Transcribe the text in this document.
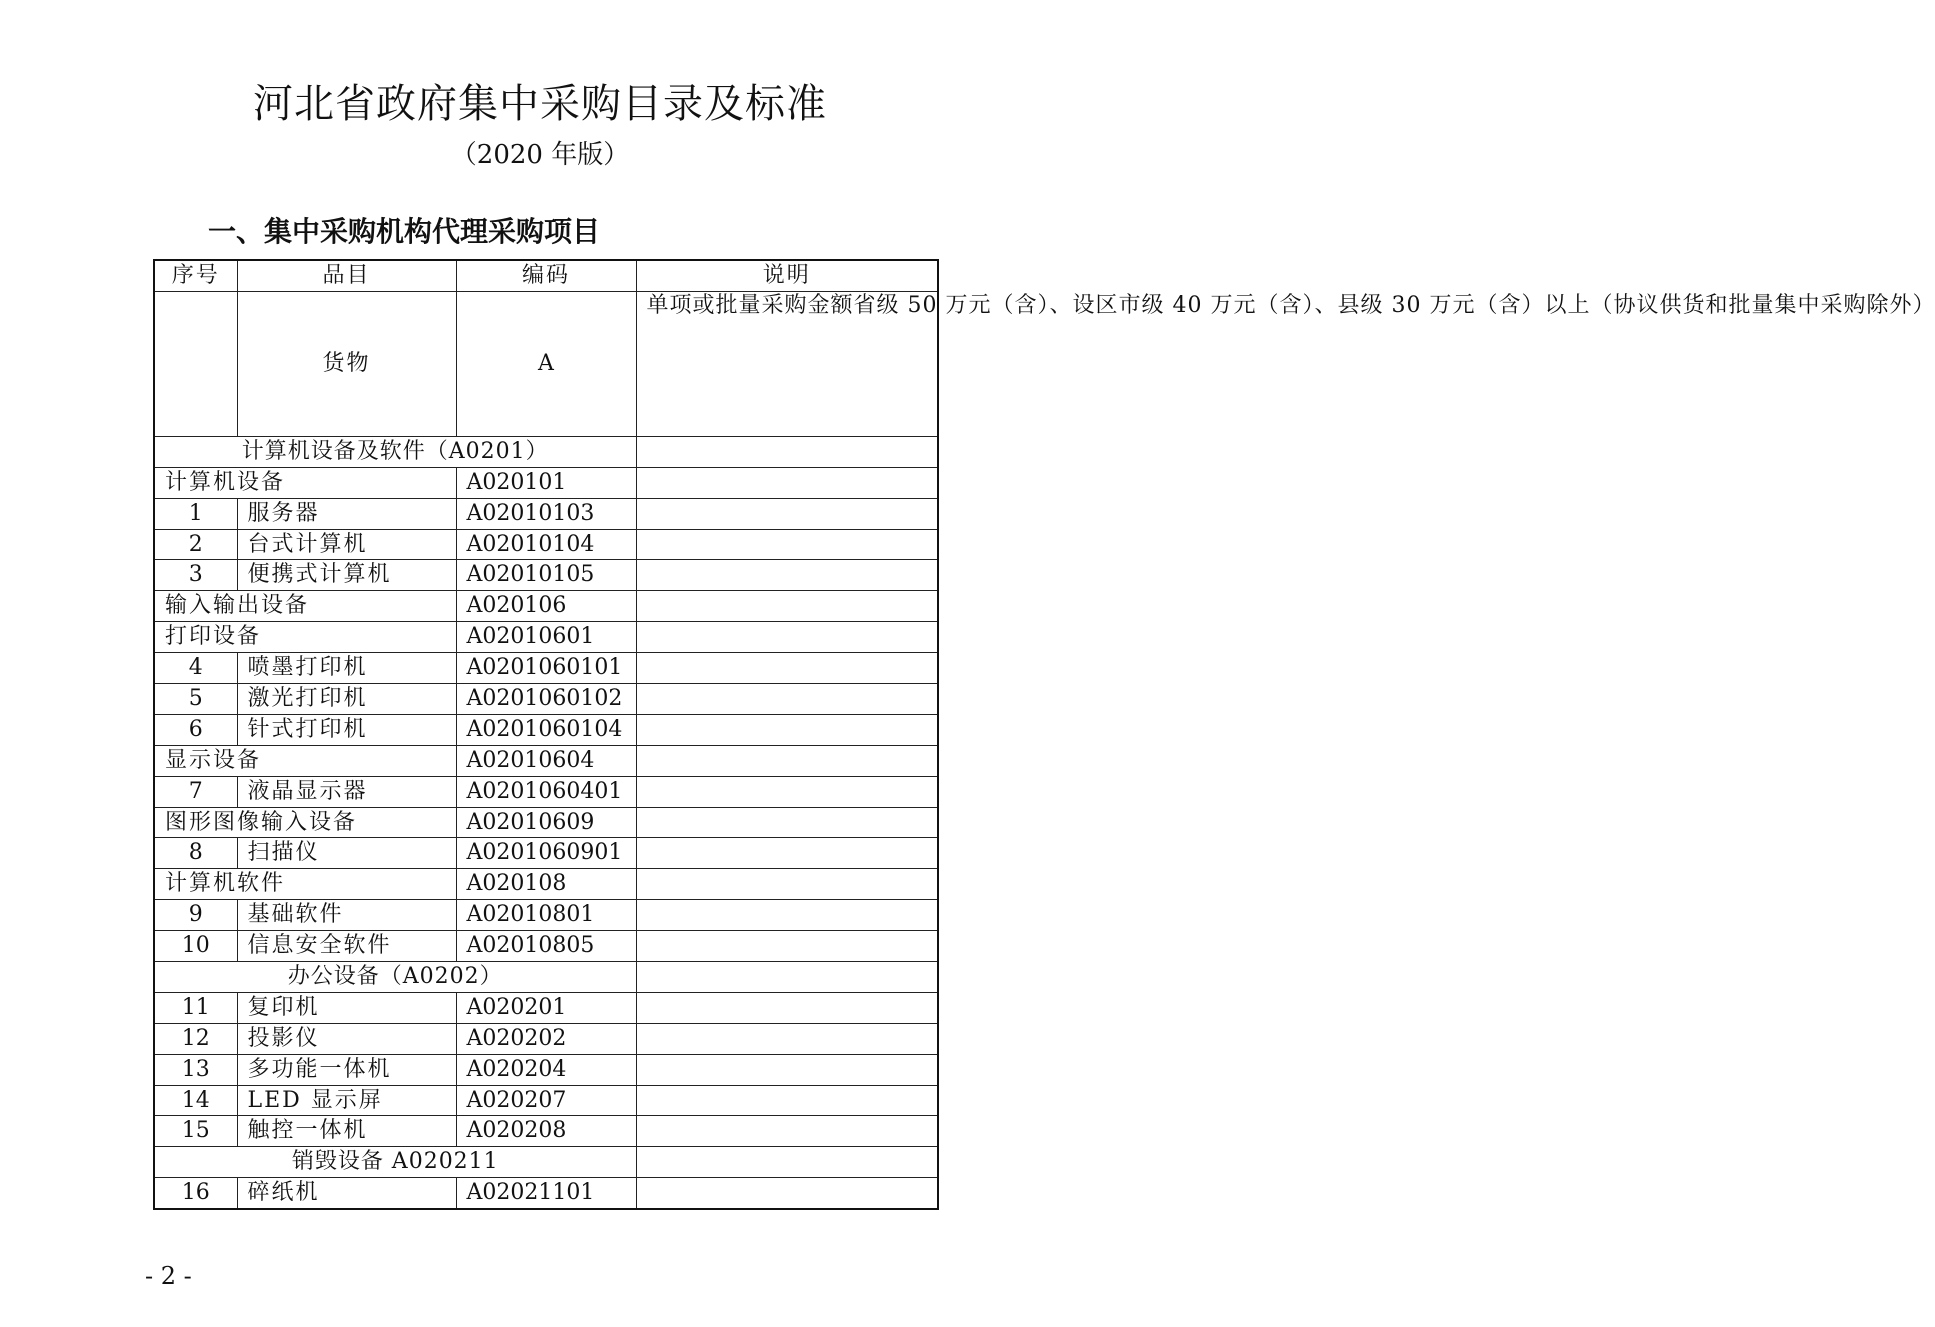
河北省政府集中采购目录及标准
（2020 年版）
一、集中采购机构代理采购项目
序号	品目	编码	说明
	货物	A	单项或批量采购金额省级 50 万元（含）、设区市级 40 万元（含）、县级 30 万元（含）以上（协议供货和批量集中采购除外）
计算机设备及软件（A0201）			
计算机设备		A020101	
1	服务器	A02010103	
2	台式计算机	A02010104	
3	便携式计算机	A02010105	
输入输出设备		A020106	
打印设备		A02010601	
4	喷墨打印机	A0201060101	
5	激光打印机	A0201060102	
6	针式打印机	A0201060104	
显示设备		A02010604	
7	液晶显示器	A0201060401	
图形图像输入设备		A02010609	
8	扫描仪	A0201060901	
计算机软件		A020108	
9	基础软件	A02010801	
10	信息安全软件	A02010805	
办公设备（A0202）			
11	复印机	A020201	
12	投影仪	A020202	
13	多功能一体机	A020204	
14	LED 显示屏	A020207	
15	触控一体机	A020208	
销毁设备 A020211			
16	碎纸机	A02021101	
- 2 -
